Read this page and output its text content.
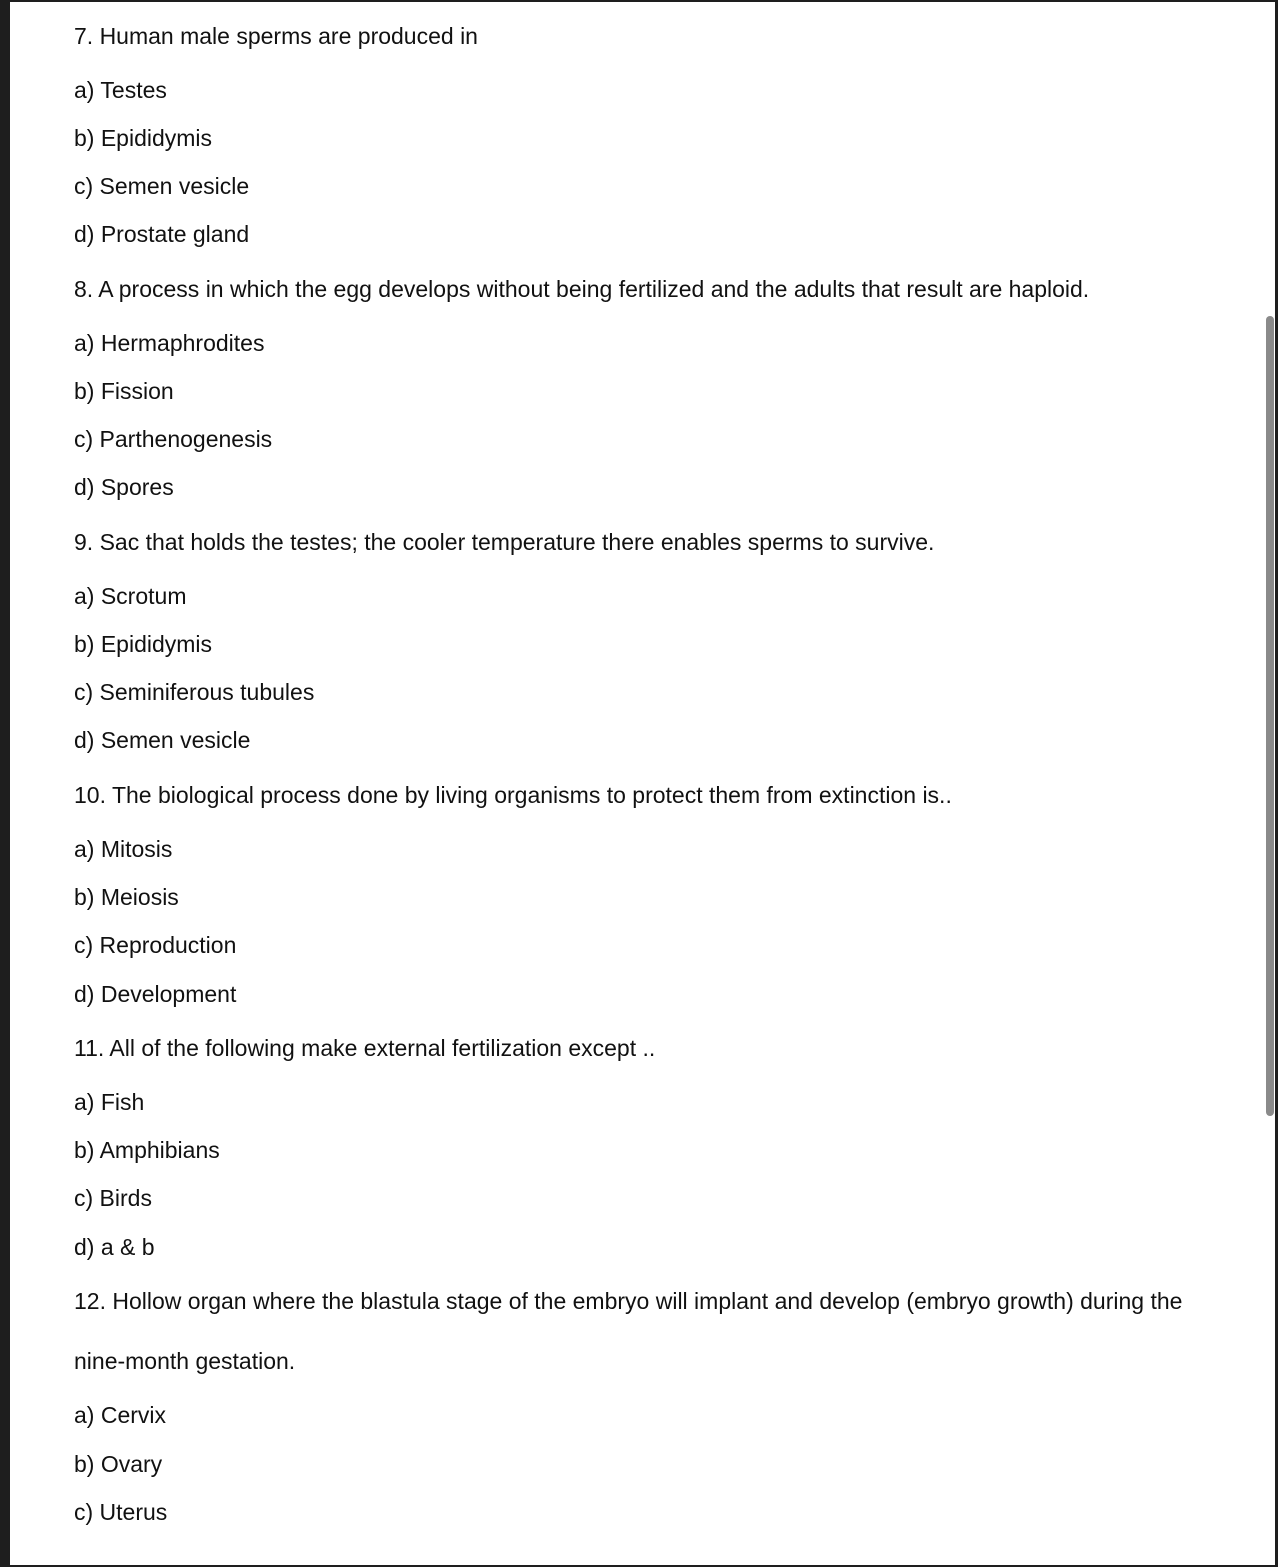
7. Human male sperms are produced in
a) Testes
b) Epididymis
c) Semen vesicle
d) Prostate gland
8. A process in which the egg develops without being fertilized and the adults that result are haploid.
a) Hermaphrodites
b) Fission
c) Parthenogenesis
d) Spores
9. Sac that holds the testes; the cooler temperature there enables sperms to survive.
a) Scrotum
b) Epididymis
c) Seminiferous tubules
d) Semen vesicle
10. The biological process done by living organisms to protect them from extinction is..
a) Mitosis
b) Meiosis
c) Reproduction
d) Development
11. All of the following make external fertilization except ..
a) Fish
b) Amphibians
c) Birds
d) a & b
12. Hollow organ where the blastula stage of the embryo will implant and develop (embryo growth) during the
nine-month gestation.
a) Cervix
b) Ovary
c) Uterus
